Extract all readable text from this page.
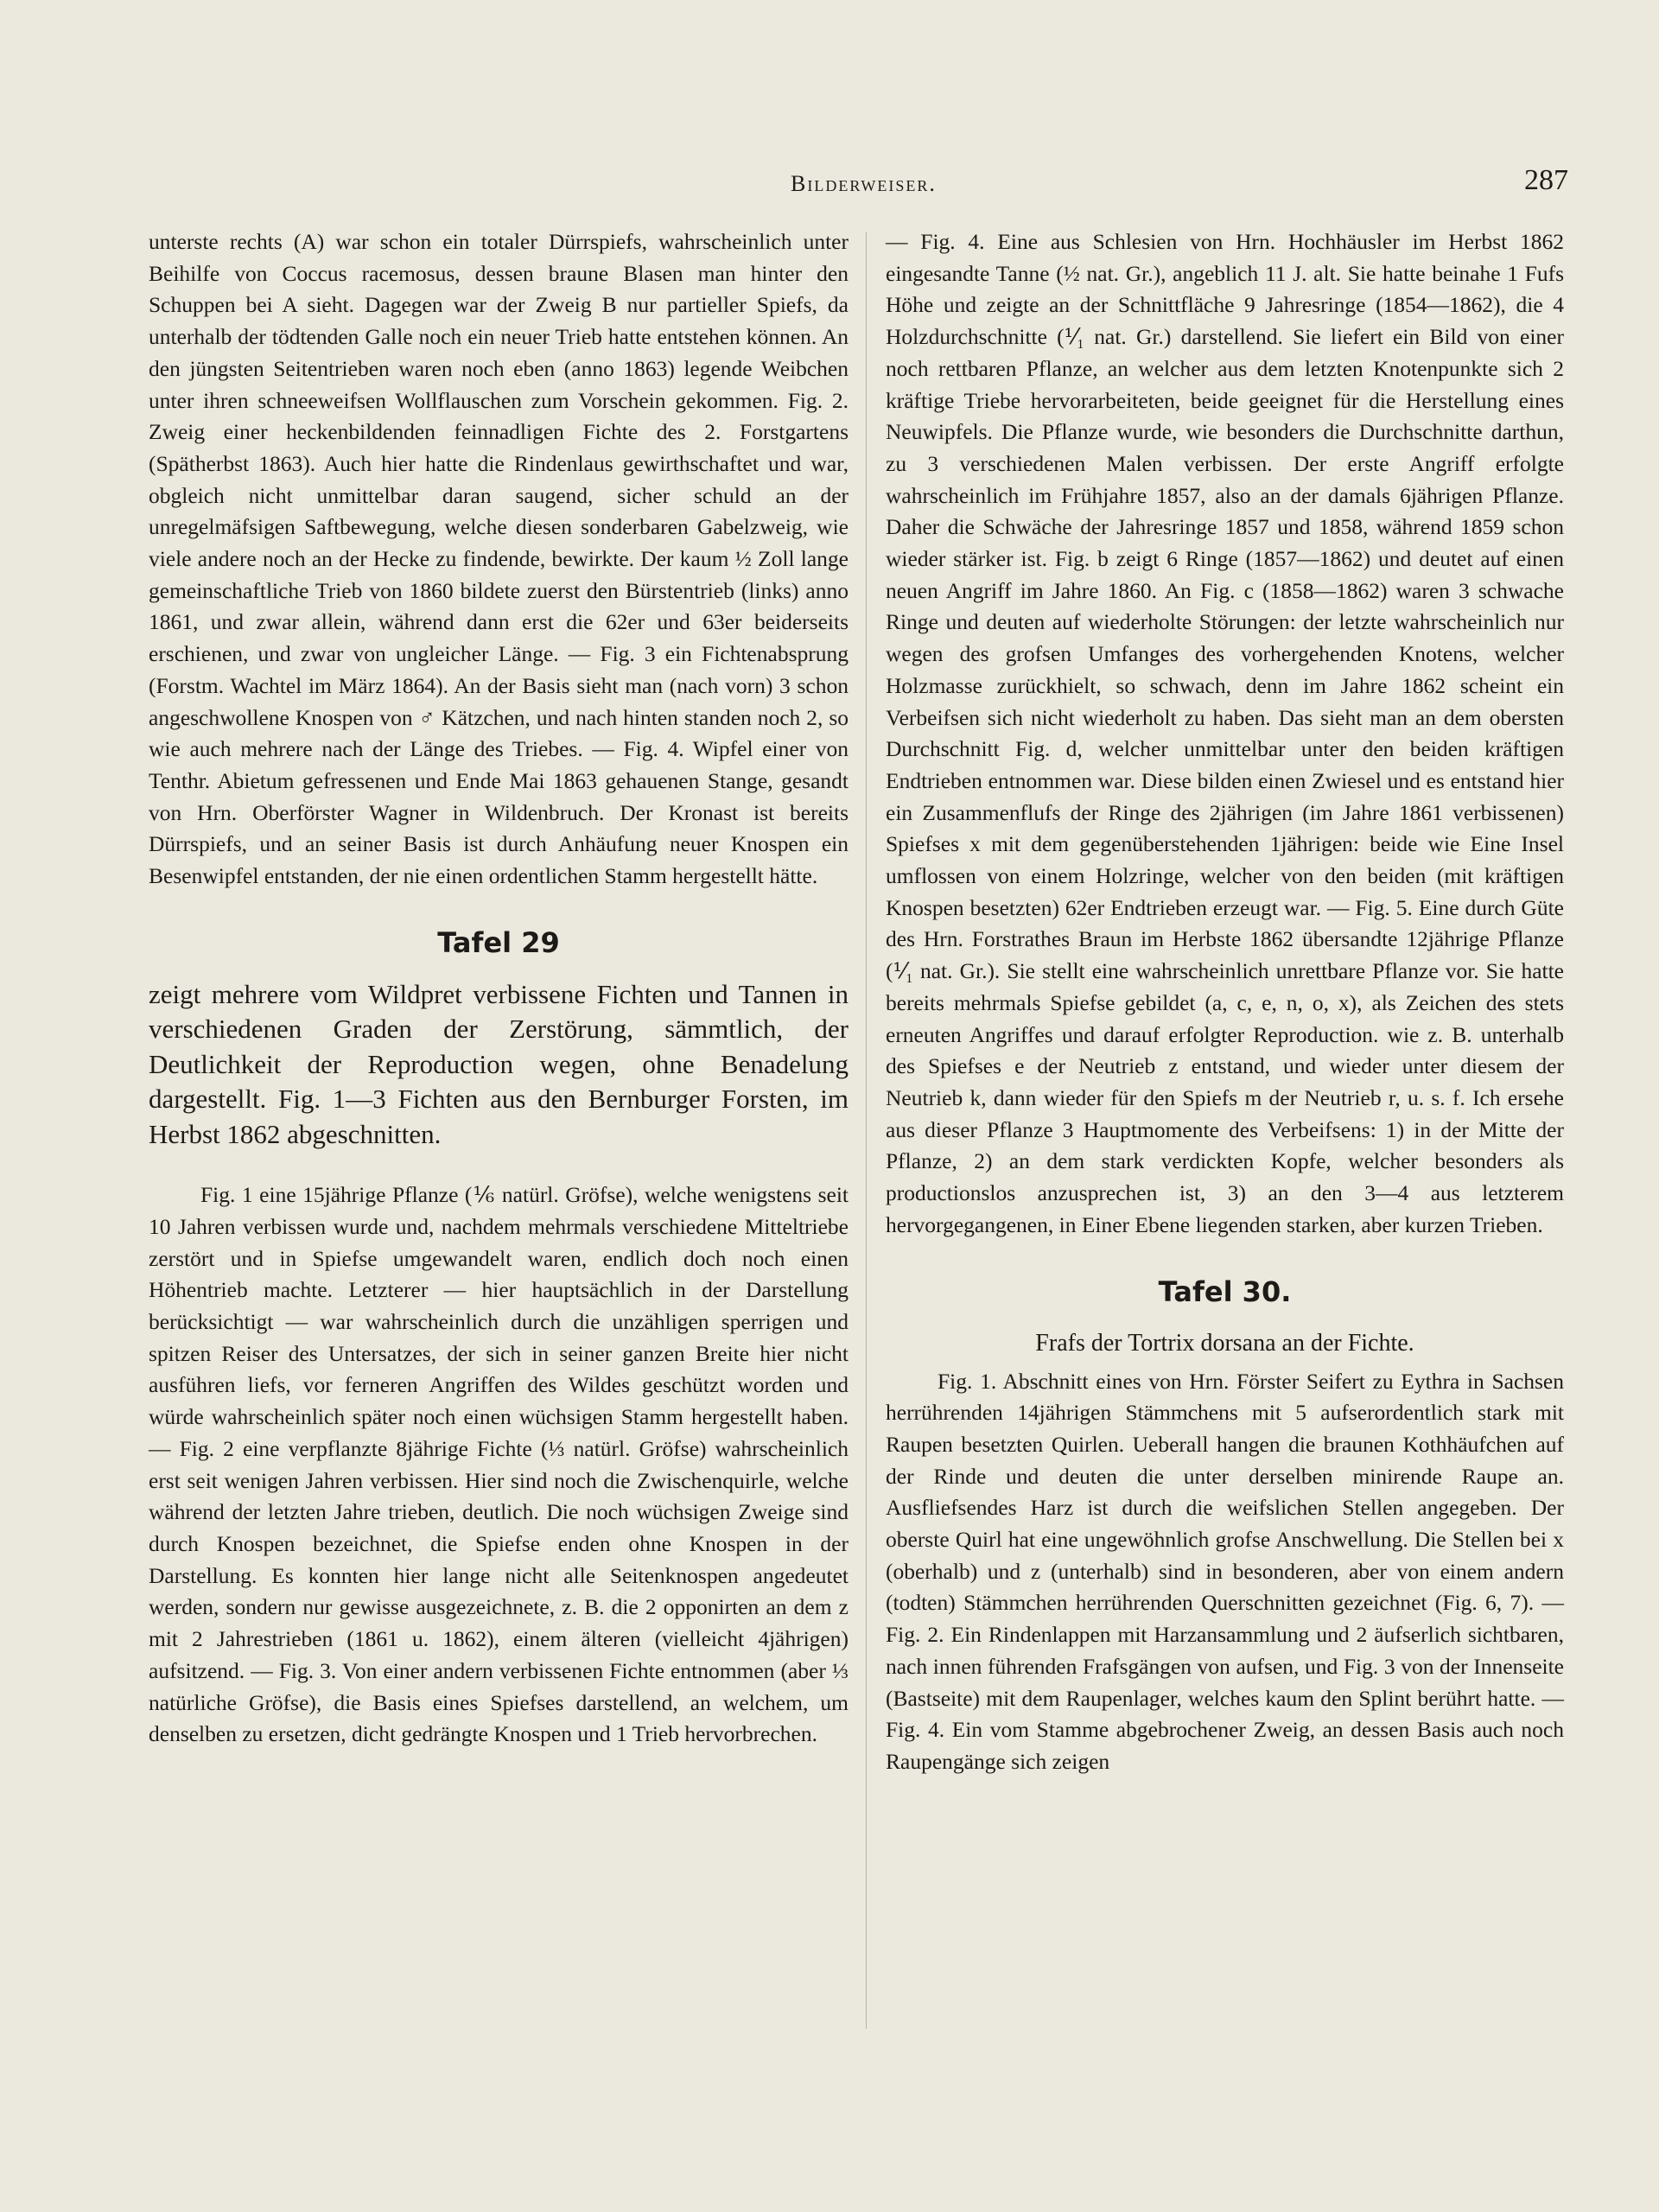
Bilderweiser.	287

unterste rechts (A) war schon ein totaler Dürrspiefs, wahrscheinlich unter Beihilfe von Coccus racemosus, dessen braune Blasen man hinter den Schuppen bei A sieht. Dagegen war der Zweig B nur partieller Spiefs, da unterhalb der tödtenden Galle noch ein neuer Trieb hatte entstehen können. An den jüngsten Seitentrieben waren noch eben (anno 1863) legende Weibchen unter ihren schneeweifsen Wollflauschen zum Vorschein gekommen. Fig. 2. Zweig einer heckenbildenden feinnadligen Fichte des 2. Forstgartens (Spätherbst 1863). Auch hier hatte die Rindenlaus gewirthschaftet und war, obgleich nicht unmittelbar daran saugend, sicher schuld an der unregelmäfsigen Saftbewegung, welche diesen sonderbaren Gabelzweig, wie viele andere noch an der Hecke zu findende, bewirkte. Der kaum ½ Zoll lange gemeinschaftliche Trieb von 1860 bildete zuerst den Bürstentrieb (links) anno 1861, und zwar allein, während dann erst die 62er und 63er beiderseits erschienen, und zwar von ungleicher Länge. — Fig. 3 ein Fichtenabsprung (Forstm. Wachtel im März 1864). An der Basis sieht man (nach vorn) 3 schon angeschwollene Knospen von ♂ Kätzchen, und nach hinten standen noch 2, so wie auch mehrere nach der Länge des Triebes. — Fig. 4. Wipfel einer von Tenthr. Abietum gefressenen und Ende Mai 1863 gehauenen Stange, gesandt von Hrn. Oberförster Wagner in Wildenbruch. Der Kronast ist bereits Dürrspiefs, und an seiner Basis ist durch Anhäufung neuer Knospen ein Besenwipfel entstanden, der nie einen ordentlichen Stamm hergestellt hätte.

Tafel 29

zeigt mehrere vom Wildpret verbissene Fichten und Tannen in verschiedenen Graden der Zerstörung, sämmtlich, der Deutlichkeit der Reproduction wegen, ohne Benadelung dargestellt. Fig. 1—3 Fichten aus den Bernburger Forsten, im Herbst 1862 abgeschnitten.

Fig. 1 eine 15jährige Pflanze (⅙ natürl. Gröfse), welche wenigstens seit 10 Jahren verbissen wurde und, nachdem mehrmals verschiedene Mitteltriebe zerstört und in Spiefse umgewandelt waren, endlich doch noch einen Höhentrieb machte. Letzterer — hier hauptsächlich in der Darstellung berücksichtigt — war wahrscheinlich durch die unzähligen sperrigen und spitzen Reiser des Untersatzes, der sich in seiner ganzen Breite hier nicht ausführen liefs, vor ferneren Angriffen des Wildes geschützt worden und würde wahrscheinlich später noch einen wüchsigen Stamm hergestellt haben. — Fig. 2 eine verpflanzte 8jährige Fichte (⅓ natürl. Gröfse) wahrscheinlich erst seit wenigen Jahren verbissen. Hier sind noch die Zwischenquirle, welche während der letzten Jahre trieben, deutlich. Die noch wüchsigen Zweige sind durch Knospen bezeichnet, die Spiefse enden ohne Knospen in der Darstellung. Es konnten hier lange nicht alle Seitenknospen angedeutet werden, sondern nur gewisse ausgezeichnete, z. B. die 2 opponirten an dem z mit 2 Jahrestrieben (1861 u. 1862), einem älteren (vielleicht 4jährigen) aufsitzend. — Fig. 3. Von einer andern verbissenen Fichte entnommen (aber ⅓ natürliche Gröfse), die Basis eines Spiefses darstellend, an welchem, um denselben zu ersetzen, dicht gedrängte Knospen und 1 Trieb hervorbrechen.

— Fig. 4. Eine aus Schlesien von Hrn. Hochhäusler im Herbst 1862 eingesandte Tanne (½ nat. Gr.), angeblich 11 J. alt. Sie hatte beinahe 1 Fufs Höhe und zeigte an der Schnittfläche 9 Jahresringe (1854—1862), die 4 Holzdurchschnitte (⅟₁ nat. Gr.) darstellend. Sie liefert ein Bild von einer noch rettbaren Pflanze, an welcher aus dem letzten Knotenpunkte sich 2 kräftige Triebe hervorarbeiteten, beide geeignet für die Herstellung eines Neuwipfels. Die Pflanze wurde, wie besonders die Durchschnitte darthun, zu 3 verschiedenen Malen verbissen. Der erste Angriff erfolgte wahrscheinlich im Frühjahre 1857, also an der damals 6jährigen Pflanze. Daher die Schwäche der Jahresringe 1857 und 1858, während 1859 schon wieder stärker ist. Fig. b zeigt 6 Ringe (1857—1862) und deutet auf einen neuen Angriff im Jahre 1860. An Fig. c (1858—1862) waren 3 schwache Ringe und deuten auf wiederholte Störungen: der letzte wahrscheinlich nur wegen des grofsen Umfanges des vorhergehenden Knotens, welcher Holzmasse zurückhielt, so schwach, denn im Jahre 1862 scheint ein Verbeifsen sich nicht wiederholt zu haben. Das sieht man an dem obersten Durchschnitt Fig. d, welcher unmittelbar unter den beiden kräftigen Endtrieben entnommen war. Diese bilden einen Zwiesel und es entstand hier ein Zusammenflufs der Ringe des 2jährigen (im Jahre 1861 verbissenen) Spiefses x mit dem gegenüberstehenden 1jährigen: beide wie Eine Insel umflossen von einem Holzringe, welcher von den beiden (mit kräftigen Knospen besetzten) 62er Endtrieben erzeugt war. — Fig. 5. Eine durch Güte des Hrn. Forstrathes Braun im Herbste 1862 übersandte 12jährige Pflanze (⅟₁ nat. Gr.). Sie stellt eine wahrscheinlich unrettbare Pflanze vor. Sie hatte bereits mehrmals Spiefse gebildet (a, c, e, n, o, x), als Zeichen des stets erneuten Angriffes und darauf erfolgter Reproduction. wie z. B. unterhalb des Spiefses e der Neutrieb z entstand, und wieder unter diesem der Neutrieb k, dann wieder für den Spiefs m der Neutrieb r, u. s. f. Ich ersehe aus dieser Pflanze 3 Hauptmomente des Verbeifsens: 1) in der Mitte der Pflanze, 2) an dem stark verdickten Kopfe, welcher besonders als productionslos anzusprechen ist, 3) an den 3—4 aus letzterem hervorgegangenen, in Einer Ebene liegenden starken, aber kurzen Trieben.

Tafel 30.

Frafs der Tortrix dorsana an der Fichte.

Fig. 1. Abschnitt eines von Hrn. Förster Seifert zu Eythra in Sachsen herrührenden 14jährigen Stämmchens mit 5 aufserordentlich stark mit Raupen besetzten Quirlen. Ueberall hangen die braunen Kothhäufchen auf der Rinde und deuten die unter derselben minirende Raupe an. Ausfliefsendes Harz ist durch die weifslichen Stellen angegeben. Der oberste Quirl hat eine ungewöhnlich grofse Anschwellung. Die Stellen bei x (oberhalb) und z (unterhalb) sind in besonderen, aber von einem andern (todten) Stämmchen herrührenden Querschnitten gezeichnet (Fig. 6, 7). — Fig. 2. Ein Rindenlappen mit Harzansammlung und 2 äufserlich sichtbaren, nach innen führenden Frafsgängen von aufsen, und Fig. 3 von der Innenseite (Bastseite) mit dem Raupenlager, welches kaum den Splint berührt hatte. — Fig. 4. Ein vom Stamme abgebrochener Zweig, an dessen Basis auch noch Raupengänge sich zeigen
